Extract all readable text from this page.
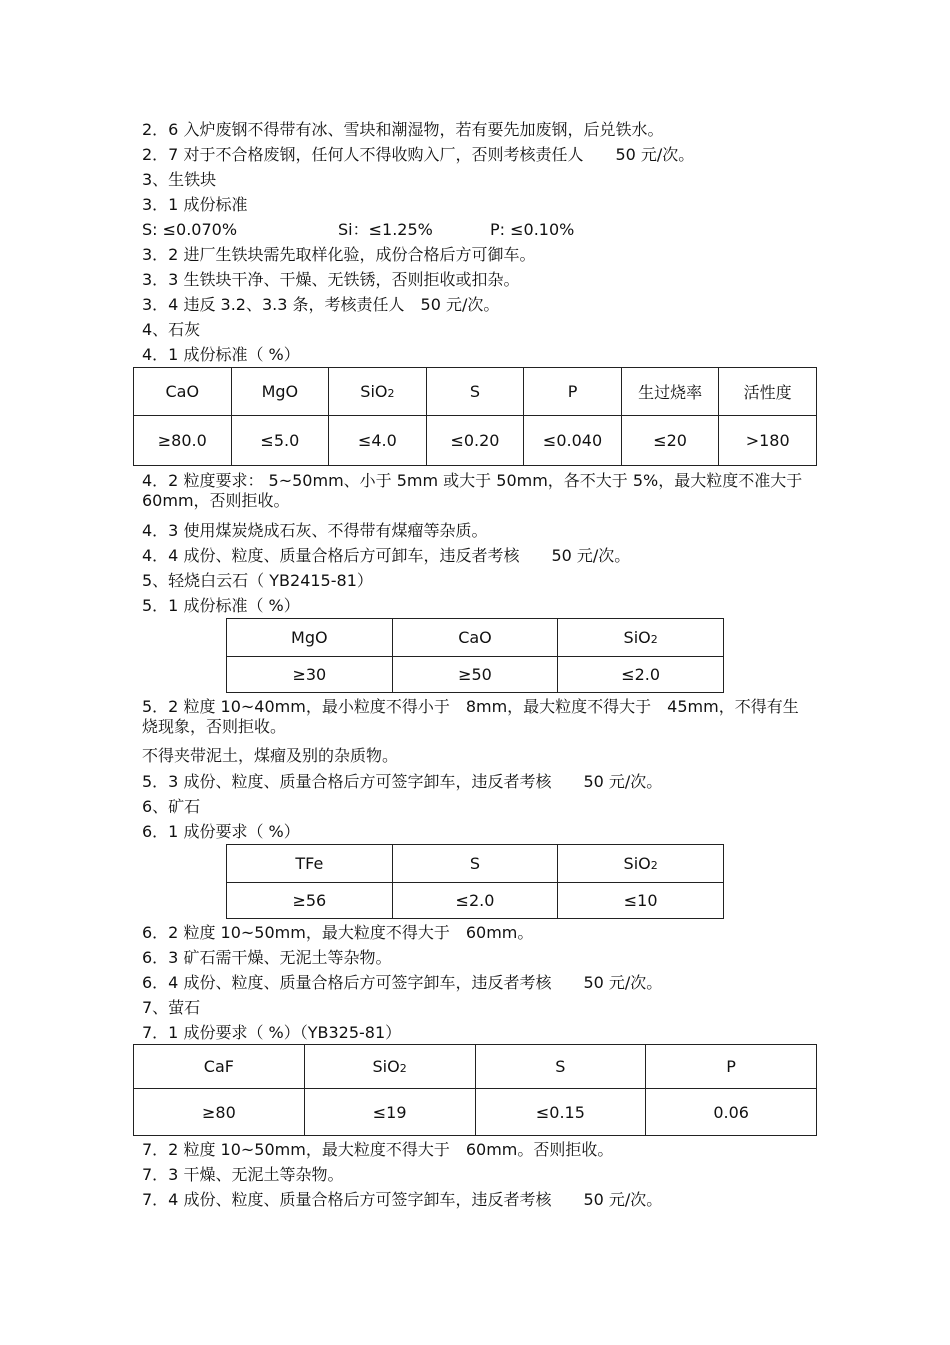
2．6 入炉废钢不得带有冰、雪块和潮湿物，若有要先加废钢，后兑铁水。
2．7 对于不合格废钢，任何人不得收购入厂，否则考核责任人　　50 元/次。
3、生铁块
3．1 成份标准
S: ≤0.070%	Si：≤1.25%	P: ≤0.10%
3．2 进厂生铁块需先取样化验，成份合格后方可御车。
3．3 生铁块干净、干燥、无铁锈，否则拒收或扣杂。
3．4 违反 3.2、3.3 条，考核责任人　50 元/次。
4、石灰
4．1 成份标准（ %）
CaO	MgO	SiO2	S	P	生过烧率	活性度
≥80.0	≤5.0	≤4.0	≤0.20	≤0.040	≤20	>180
4．2 粒度要求： 5~50mm、小于 5mm 或大于 50mm，各不大于 5%，最大粒度不准大于 60mm，否则拒收。
4．3 使用煤炭烧成石灰、不得带有煤瘤等杂质。
4．4 成份、粒度、质量合格后方可卸车，违反者考核　　50 元/次。
5、轻烧白云石（ YB2415-81）
5．1 成份标准（ %）
MgO	CaO	SiO2
≥30	≥50	≤2.0
5．2 粒度 10~40mm，最小粒度不得小于　8mm，最大粒度不得大于　45mm，不得有生烧现象，否则拒收。
不得夹带泥土，煤瘤及别的杂质物。
5．3 成份、粒度、质量合格后方可签字卸车，违反者考核　　50 元/次。
6、矿石
6．1 成份要求（ %）
TFe	S	SiO2
≥56	≤2.0	≤10
6．2 粒度 10~50mm，最大粒度不得大于　60mm。
6．3 矿石需干燥、无泥土等杂物。
6．4 成份、粒度、质量合格后方可签字卸车，违反者考核　　50 元/次。
7、萤石
7．1 成份要求（ %）（YB325-81）
CaF	SiO2	S	P
≥80	≤19	≤0.15	0.06
7．2 粒度 10~50mm，最大粒度不得大于　60mm。否则拒收。
7．3 干燥、无泥土等杂物。
7．4 成份、粒度、质量合格后方可签字卸车，违反者考核　　50 元/次。
